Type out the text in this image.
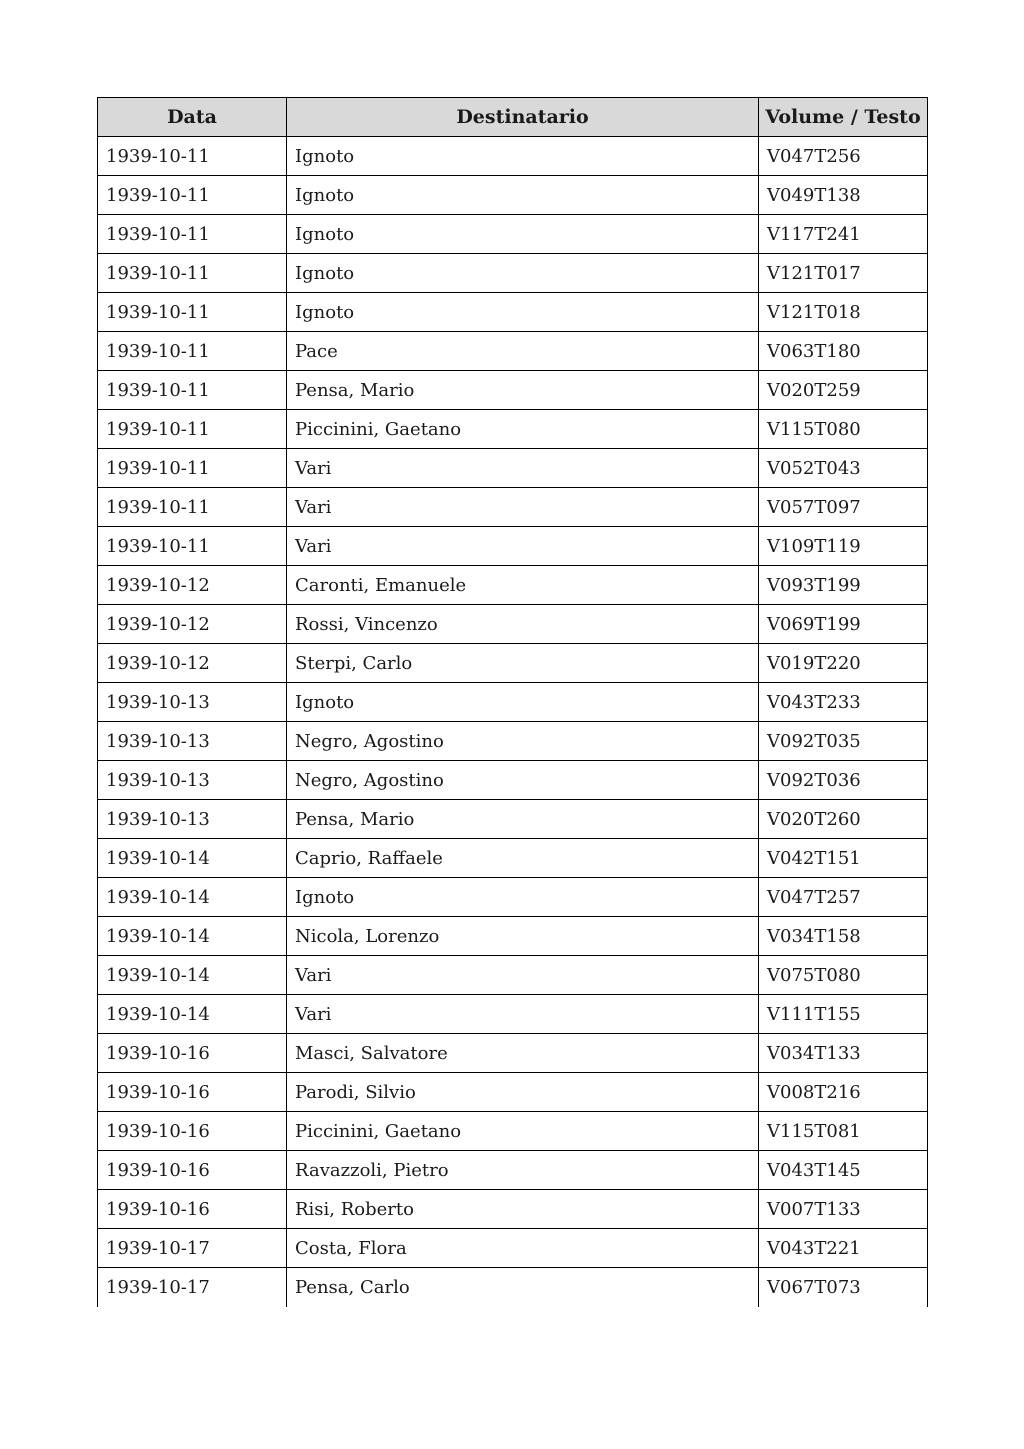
Data	Destinatario	Volume / Testo
1939-10-11	Ignoto	V047T256
1939-10-11	Ignoto	V049T138
1939-10-11	Ignoto	V117T241
1939-10-11	Ignoto	V121T017
1939-10-11	Ignoto	V121T018
1939-10-11	Pace	V063T180
1939-10-11	Pensa, Mario	V020T259
1939-10-11	Piccinini, Gaetano	V115T080
1939-10-11	Vari	V052T043
1939-10-11	Vari	V057T097
1939-10-11	Vari	V109T119
1939-10-12	Caronti, Emanuele	V093T199
1939-10-12	Rossi, Vincenzo	V069T199
1939-10-12	Sterpi, Carlo	V019T220
1939-10-13	Ignoto	V043T233
1939-10-13	Negro, Agostino	V092T035
1939-10-13	Negro, Agostino	V092T036
1939-10-13	Pensa, Mario	V020T260
1939-10-14	Caprio, Raffaele	V042T151
1939-10-14	Ignoto	V047T257
1939-10-14	Nicola, Lorenzo	V034T158
1939-10-14	Vari	V075T080
1939-10-14	Vari	V111T155
1939-10-16	Masci, Salvatore	V034T133
1939-10-16	Parodi, Silvio	V008T216
1939-10-16	Piccinini, Gaetano	V115T081
1939-10-16	Ravazzoli, Pietro	V043T145
1939-10-16	Risi, Roberto	V007T133
1939-10-17	Costa, Flora	V043T221
1939-10-17	Pensa, Carlo	V067T073
